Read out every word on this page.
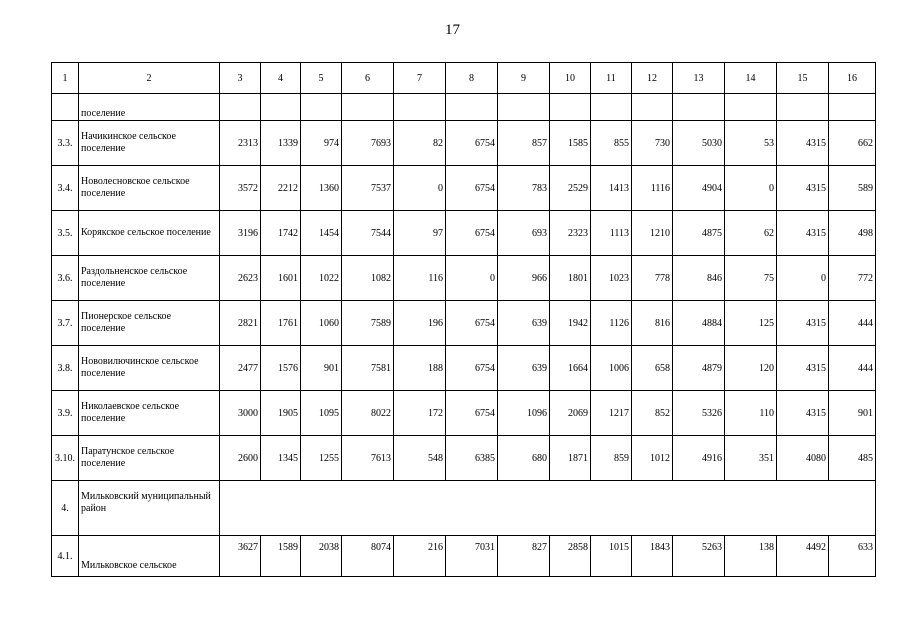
17
1	2	3	4	5	6	7	8	9	10	11	12	13	14	15	16
	поселение														
3.3.	Начикинское сельское поселение	2313	1339	974	7693	82	6754	857	1585	855	730	5030	53	4315	662
3.4.	Новолесновское сельское поселение	3572	2212	1360	7537	0	6754	783	2529	1413	1116	4904	0	4315	589
3.5.	Корякское сельское поселение	3196	1742	1454	7544	97	6754	693	2323	1113	1210	4875	62	4315	498
3.6.	Раздольненское сельское поселение	2623	1601	1022	1082	116	0	966	1801	1023	778	846	75	0	772
3.7.	Пионерское сельское поселение	2821	1761	1060	7589	196	6754	639	1942	1126	816	4884	125	4315	444
3.8.	Нововилючинское сельское поселение	2477	1576	901	7581	188	6754	639	1664	1006	658	4879	120	4315	444
3.9.	Николаевское сельское поселение	3000	1905	1095	8022	172	6754	1096	2069	1217	852	5326	110	4315	901
3.10.	Паратунское сельское поселение	2600	1345	1255	7613	548	6385	680	1871	859	1012	4916	351	4080	485
4.	Мильковский муниципальный район														
4.1.	Мильковское сельское	3627	1589	2038	8074	216	7031	827	2858	1015	1843	5263	138	4492	633
